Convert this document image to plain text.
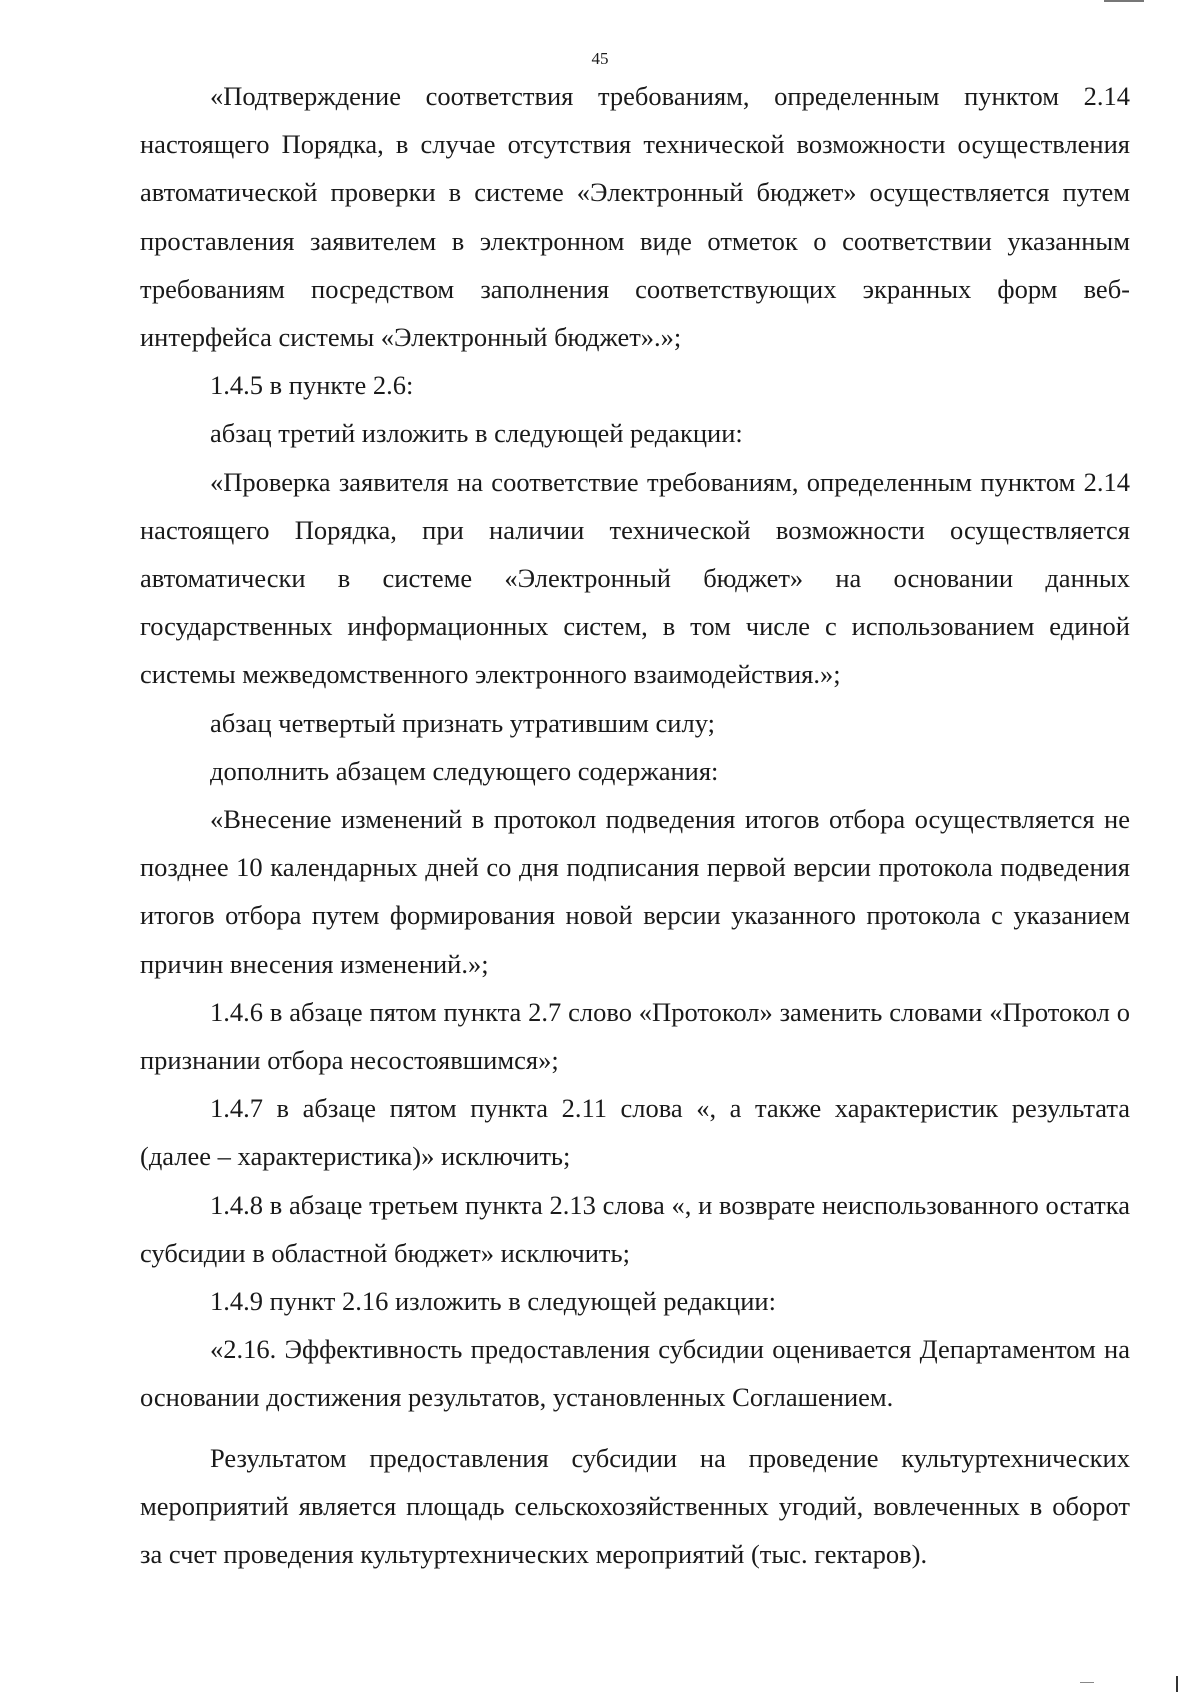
45

«Подтверждение соответствия требованиям, определенным пунктом 2.14 настоящего Порядка, в случае отсутствия технической возможности осуществления автоматической проверки в системе «Электронный бюджет» осуществляется путем проставления заявителем в электронном виде отметок о соответствии указанным требованиям посредством заполнения соответствующих экранных форм веб-интерфейса системы «Электронный бюджет».»;

1.4.5 в пункте 2.6:

абзац третий изложить в следующей редакции:

«Проверка заявителя на соответствие требованиям, определенным пунктом 2.14 настоящего Порядка, при наличии технической возможности осуществляется автоматически в системе «Электронный бюджет» на основании данных государственных информационных систем, в том числе с использованием единой системы межведомственного электронного взаимодействия.»;

абзац четвертый признать утратившим силу;

дополнить абзацем следующего содержания:

«Внесение изменений в протокол подведения итогов отбора осуществляется не позднее 10 календарных дней со дня подписания первой версии протокола подведения итогов отбора путем формирования новой версии указанного протокола с указанием причин внесения изменений.»;

1.4.6 в абзаце пятом пункта 2.7 слово «Протокол» заменить словами «Протокол о признании отбора несостоявшимся»;

1.4.7 в абзаце пятом пункта 2.11 слова «, а также характеристик результата (далее – характеристика)» исключить;

1.4.8 в абзаце третьем пункта 2.13 слова «, и возврате неиспользованного остатка субсидии в областной бюджет» исключить;

1.4.9 пункт 2.16 изложить в следующей редакции:

«2.16. Эффективность предоставления субсидии оценивается Департаментом на основании достижения результатов, установленных Соглашением.

Результатом предоставления субсидии на проведение культуртехнических мероприятий является площадь сельскохозяйственных угодий, вовлеченных в оборот за счет проведения культуртехнических мероприятий (тыс. гектаров).
